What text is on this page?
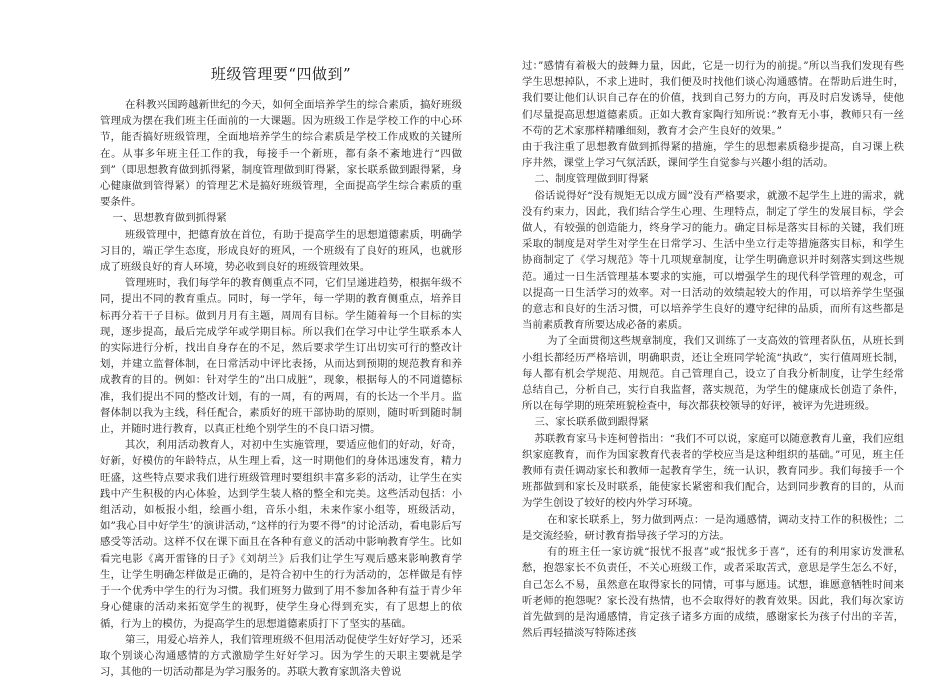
班级管理要“四做到”

在科教兴国跨越新世纪的今天，如何全面培养学生的综合素质，搞好班级管理成为摆在我们班主任面前的一大课题。因为班级工作是学校工作的中心环节，能否搞好班级管理，全面地培养学生的综合素质是学校工作成败的关键所在。从事多年班主任工作的我，每接手一个新班，都有条不紊地进行“四做到”（即思想教育做到抓得紧，制度管理做到盯得紧，家长联系做到跟得紧，身心健康做到管得紧）的管理艺术是搞好班级管理，全面提高学生综合素质的重要条件。

一、思想教育做到抓得紧

班级管理中，把德育放在首位，有助于提高学生的思想道德素质，明确学习目的，端正学生态度，形成良好的班风，一个班级有了良好的班风，也就形成了班级良好的育人环境，势必收到良好的班级管理效果。

管理班时，我们每学年的教育侧重点不同，它们呈递进趋势，根据年级不同，提出不同的教育重点。同时，每一学年，每一学期的教育侧重点，培养目标再分若干子目标。做到月月有主题，周周有目标。学生随着每一个目标的实现，逐步提高，最后完成学年或学期目标。所以我们在学习中让学生联系本人的实际进行分析，找出自身存在的不足，然后要求学生订出切实可行的整改计划，并建立监督体制，在日常活动中评比表扬，从而达到预期的规范教育和养成教育的目的。例如：针对学生的”出口成脏”，现象，根据每人的不同道德标准，我们提出不同的整改计划，有的一周，有的两周，有的长达一个半月。监督体制以我为主线，科任配合，素质好的班干部协助的原则，随时听到随时制止，并随时进行教育，以真正杜绝个别学生的不良口语习惯。

其次，利用活动教育人，对初中生实施管理，要适应他们的好动，好奇，好新，好模仿的年龄特点，从生理上看，这一时期他们的身体迅速发育，精力旺盛，这些特点要求我们进行班级管理时要组织丰富多彩的活动，让学生在实践中产生积极的内心体验，达到学生装人格的整全和完美。这些活动包括：小组活动，如板报小组，绘画小组，音乐小组，未来作家小组等，班级活动，如”我心目中好学生’的演讲活动，”这样的行为要不得”的讨论活动，看电影后写感受等活动。这样不仅在课下面且在各种有意义的活动中影响教育学生。比如看完电影《离开雷锋的日子》《刘胡兰》后我们让学生写观后感来影响教育学生，让学生明确怎样做是正确的，是符合初中生的行为活动的，怎样做是有悖于一个优秀中学生的行为习惯。我们班努力做到了用不参加各种有益于青少年身心健康的活动来拓宽学生的视野，使学生身心得到充实，有了思想上的依循，行为上的模仿，为提高学生的思想道德素质打下了坚实的基础。

第三，用爱心培养人，我们管理班级不但用活动促使学生好好学习，还采取个别谈心沟通感情的方式激励学生好好学习。因为学生的天职主要就是学习，其他的一切活动都是为学习服务的。苏联大教育家凯洛夫曾说

过：”感情有着极大的鼓舞力量，因此，它是一切行为的前提。”所以当我们发现有些学生思想掉队，不求上进时，我们便及时找他们谈心沟通感情。在帮助后进生时，我们要让他们认识自己存在的价值，找到自己努力的方向，再及时启发诱导，使他们尽量提高思想道德素质。正如大教育家陶行知所说：”教育无小事，教师只有一丝不苟的艺术家那样精雕细刻，教育才会产生良好的效果。”

由于我注重了思想教育做到抓得紧的措施，学生的思想素质稳步提高，自习课上秩序井然，课堂上学习气氛活跃，课间学生自觉参与兴趣小组的活动。

二、制度管理做到盯得紧

俗话说得好“没有规矩无以成方圆”没有严格要求，就激不起学生上进的需求，就没有约束力，因此，我们结合学生心理、生理特点，制定了学生的发展目标，学会做人，有较强的创造能力，终身学习的能力。确定目标是落实目标的关键，我们班采取的制度是对学生对学生在日常学习、生活中坐立行走等措施落实目标，和学生协商制定了《学习规范》等十几项规章制度，让学生明确意识并时刻落实到这些规范。通过一日生活管理基本要求的实施，可以增强学生的现代科学管理的观念，可以提高一日生活学习的效率。对一日活动的效绩起较大的作用，可以培养学生坚强的意志和良好的生活习惯，可以培养学生良好的遵守纪律的品质，而所有这些都是当前素质教育所要达成必备的素质。

为了全面贯彻这些规章制度，我们又训练了一支高效的管理者队伍，从班长到小组长都经历严格培训，明确职责，还让全班同学轮流“执政”，实行值周班长制，每人都有机会学规范、用规范。自己管理自己，设立了自我分析制度，让学生经常总结自己，分析自己，实行自我监督，落实规范，为学生的健康成长创造了条件，所以在每学期的班荣班貌检查中，每次都获校领导的好评，被评为先进班级。

三、家长联系做到跟得紧

苏联教育家马卡连柯曾指出：“我们不可以说，家庭可以随意教育儿童，我们应组织家庭教育，而作为国家教育代表者的学校应当是这种组织的基础。”可见，班主任教师有责任调动家长和教师一起教育学生，统一认识，教育同步。我们每接手一个班都做到和家长及时联系，能使家长紧密和我们配合，达到同步教育的目的，从而为学生创设了较好的校内外学习环境。

在和家长联系上，努力做到两点：一是沟通感情，调动支持工作的积极性；二是交流经验，研讨教育指导孩子学习的方法。

有的班主任一家访就“报忧不报喜”或“报忧多于喜”，还有的利用家访发泄私愁，抱怨家长不负责任，不关心班级工作，或者采取苦式，意思是学生怎么不好，自己怎么不易，虽然意在取得家长的同情，可事与愿违。试想，谁愿意牺牲时间来听老师的抱怨呢？家长没有热情，也不会取得好的教育效果。因此，我们每次家访首先做到的是沟通感情，肯定孩子诸多方面的成绩，感谢家长为孩子付出的辛苦，然后再轻描淡写特陈述孩
